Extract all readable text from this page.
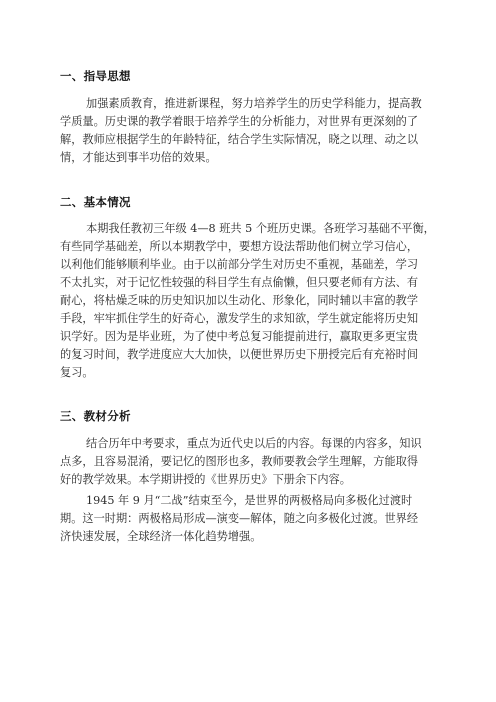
一、指导思想

加强素质教育，推进新课程，努力培养学生的历史学科能力，提高教
学质量。历史课的教学着眼于培养学生的分析能力，对世界有更深刻的了
解，教师应根据学生的年龄特征，结合学生实际情况，晓之以理、动之以
情，才能达到事半功倍的效果。

二、基本情况

本期我任教初三年级 4—8 班共 5 个班历史课。各班学习基础不平衡，
有些同学基础差，所以本期教学中，要想方设法帮助他们树立学习信心，
以利他们能够顺利毕业。由于以前部分学生对历史不重视，基础差，学习
不太扎实，对于记忆性较强的科目学生有点偷懒，但只要老师有方法、有
耐心，将枯燥乏味的历史知识加以生动化、形象化，同时辅以丰富的教学
手段，牢牢抓住学生的好奇心，激发学生的求知欲，学生就定能将历史知
识学好。因为是毕业班，为了使中考总复习能提前进行，赢取更多更宝贵
的复习时间，教学进度应大大加快，以便世界历史下册授完后有充裕时间
复习。

三、教材分析

结合历年中考要求，重点为近代史以后的内容。每课的内容多，知识
点多，且容易混淆，要记忆的图形也多，教师要教会学生理解，方能取得
好的教学效果。本学期讲授的《世界历史》下册余下内容。

1945 年 9 月“二战”结束至今，是世界的两极格局向多极化过渡时
期。这一时期：两极格局形成—演变—解体，随之向多极化过渡。世界经
济快速发展，全球经济一体化趋势增强。
